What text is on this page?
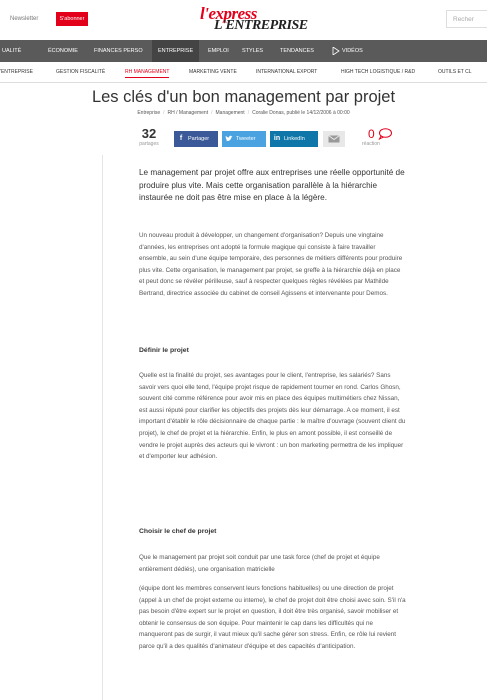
Newsletter	S'abonner	l'express
L'ENTREPRISE	Recher
UALITÉ	ÉCONOMIE	FINANCES PERSO	ENTREPRISE	EMPLOI	STYLES	TENDANCES	VIDÉOS
'ENTREPRISE	GESTION FISCALITÉ	RH MANAGEMENT	MARKETING VENTE	INTERNATIONAL EXPORT	HIGH TECH LOGISTIQUE / R&D	OUTILS ET CL
Les clés d'un bon management par projet
Entreprise / RH / Management / Management / Coralie Donas, publié le 14/12/2006 à 00:00
32
partages
f Partager	Tweeter	in LinkedIn	0
réaction
Le management par projet offre aux entreprises une réelle opportunité de produire plus vite. Mais cette organisation parallèle à la hiérarchie instaurée ne doit pas être mise en place à la légère.
Un nouveau produit à développer, un changement d'organisation? Depuis une vingtaine d'années, les entreprises ont adopté la formule magique qui consiste à faire travailler ensemble, au sein d'une équipe temporaire, des personnes de métiers différents pour produire plus vite. Cette organisation, le management par projet, se greffe à la hiérarchie déjà en place et peut donc se révéler périlleuse, sauf à respecter quelques règles révélées par Mathilde Bertrand, directrice associée du cabinet de conseil Agissens et intervenante pour Demos.
Définir le projet
Quelle est la finalité du projet, ses avantages pour le client, l'entreprise, les salariés? Sans savoir vers quoi elle tend, l'équipe projet risque de rapidement tourner en rond. Carlos Ghosn, souvent cité comme référence pour avoir mis en place des équipes multimétiers chez Nissan, est aussi réputé pour clarifier les objectifs des projets dès leur démarrage. A ce moment, il est important d'établir le rôle décisionnaire de chaque partie : le maître d'ouvrage (souvent client du projet), le chef de projet et la hiérarchie. Enfin, le plus en amont possible, il est conseillé de vendre le projet auprès des acteurs qui le vivront : un bon marketing permettra de les impliquer et d'emporter leur adhésion.
Choisir le chef de projet
Que le management par projet soit conduit par une task force (chef de projet et équipe entièrement dédiés), une organisation matricielle
(équipe dont les membres conservent leurs fonctions habituelles) ou une direction de projet (appel à un chef de projet externe ou interne), le chef de projet doit être choisi avec soin. S'il n'a pas besoin d'être expert sur le projet en question, il doit être très organisé, savoir mobiliser et obtenir le consensus de son équipe. Pour maintenir le cap dans les difficultés qui ne manqueront pas de surgir, il vaut mieux qu'il sache gérer son stress. Enfin, ce rôle lui revient parce qu'il a des qualités d'animateur d'équipe et des capacités d'anticipation.
